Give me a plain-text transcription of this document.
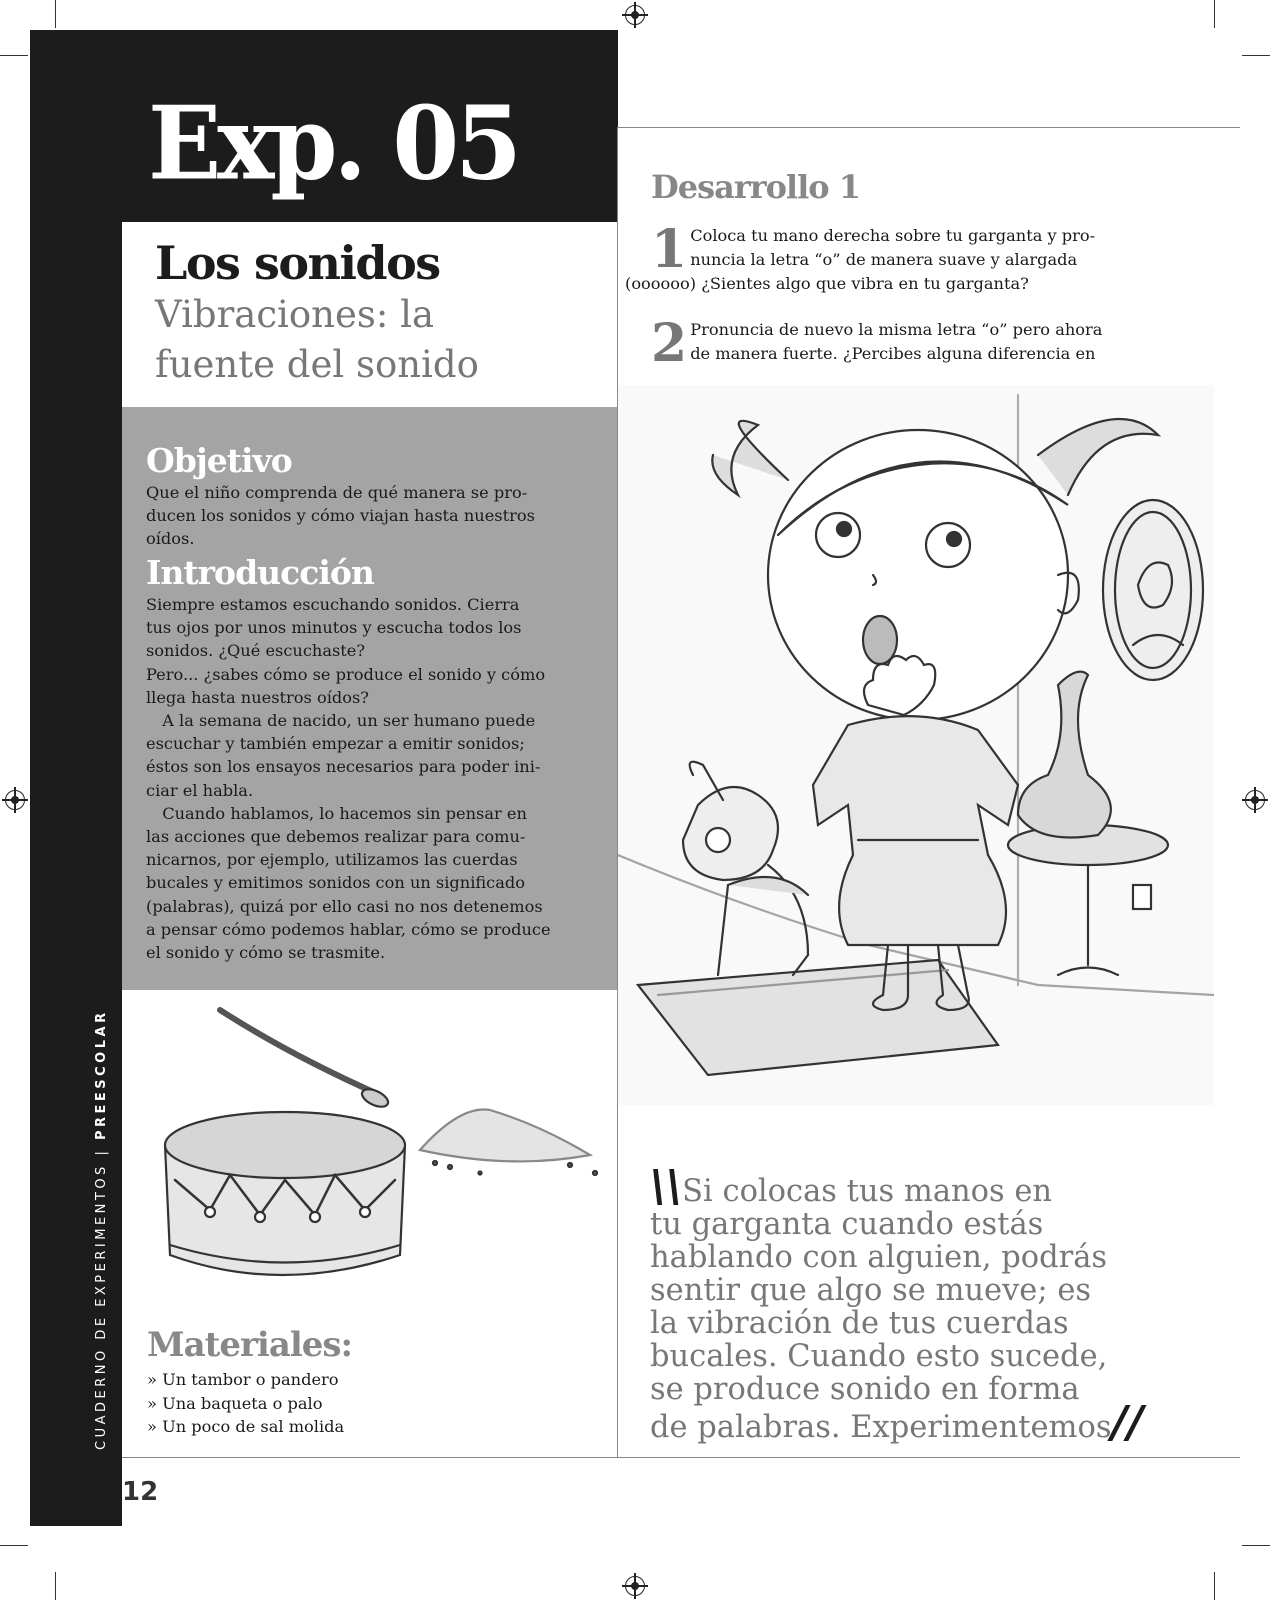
CUADERNO DE EXPERIMENTOS | PREESCOLAR
Exp. 05
Los sonidos
Vibraciones: la
fuente del sonido
Objetivo

Que el niño comprenda de qué manera se pro-

ducen los sonidos y cómo viajan hasta nuestros

oídos.

Introducción

Siempre estamos escuchando sonidos. Cierra

tus ojos por unos minutos y escucha todos los

sonidos. ¿Qué escuchaste?

Pero... ¿sabes cómo se produce el sonido y cómo

llega hasta nuestros oídos?

 A la semana de nacido, un ser humano puede

escuchar y también empezar a emitir sonidos;

éstos son los ensayos necesarios para poder ini-

ciar el habla.

 Cuando hablamos, lo hacemos sin pensar en

las acciones que debemos realizar para comu-

nicarnos, por ejemplo, utilizamos las cuerdas

bucales y emitimos sonidos con un significado

(palabras), quizá por ello casi no nos detenemos

a pensar cómo podemos hablar, cómo se produce

el sonido y cómo se trasmite.

Desarrollo 1
1 Coloca tu mano derecha sobre tu garganta y pro-
nuncia la letra “o” de manera suave y alargada
(oooooo) ¿Sientes algo que vibra en tu garganta?
2 Pronuncia de nuevo la misma letra “o” pero ahora
de manera fuerte. ¿Percibes alguna diferencia en
\\Si colocas tus manos en
tu garganta cuando estás
hablando con alguien, podrás
sentir que algo se mueve; es
la vibración de tus cuerdas
bucales. Cuando esto sucede,
se produce sonido en forma
de palabras. Experimentemos//
Materiales:
» Un tambor o pandero
» Una baqueta o palo
» Un poco de sal molida
12
